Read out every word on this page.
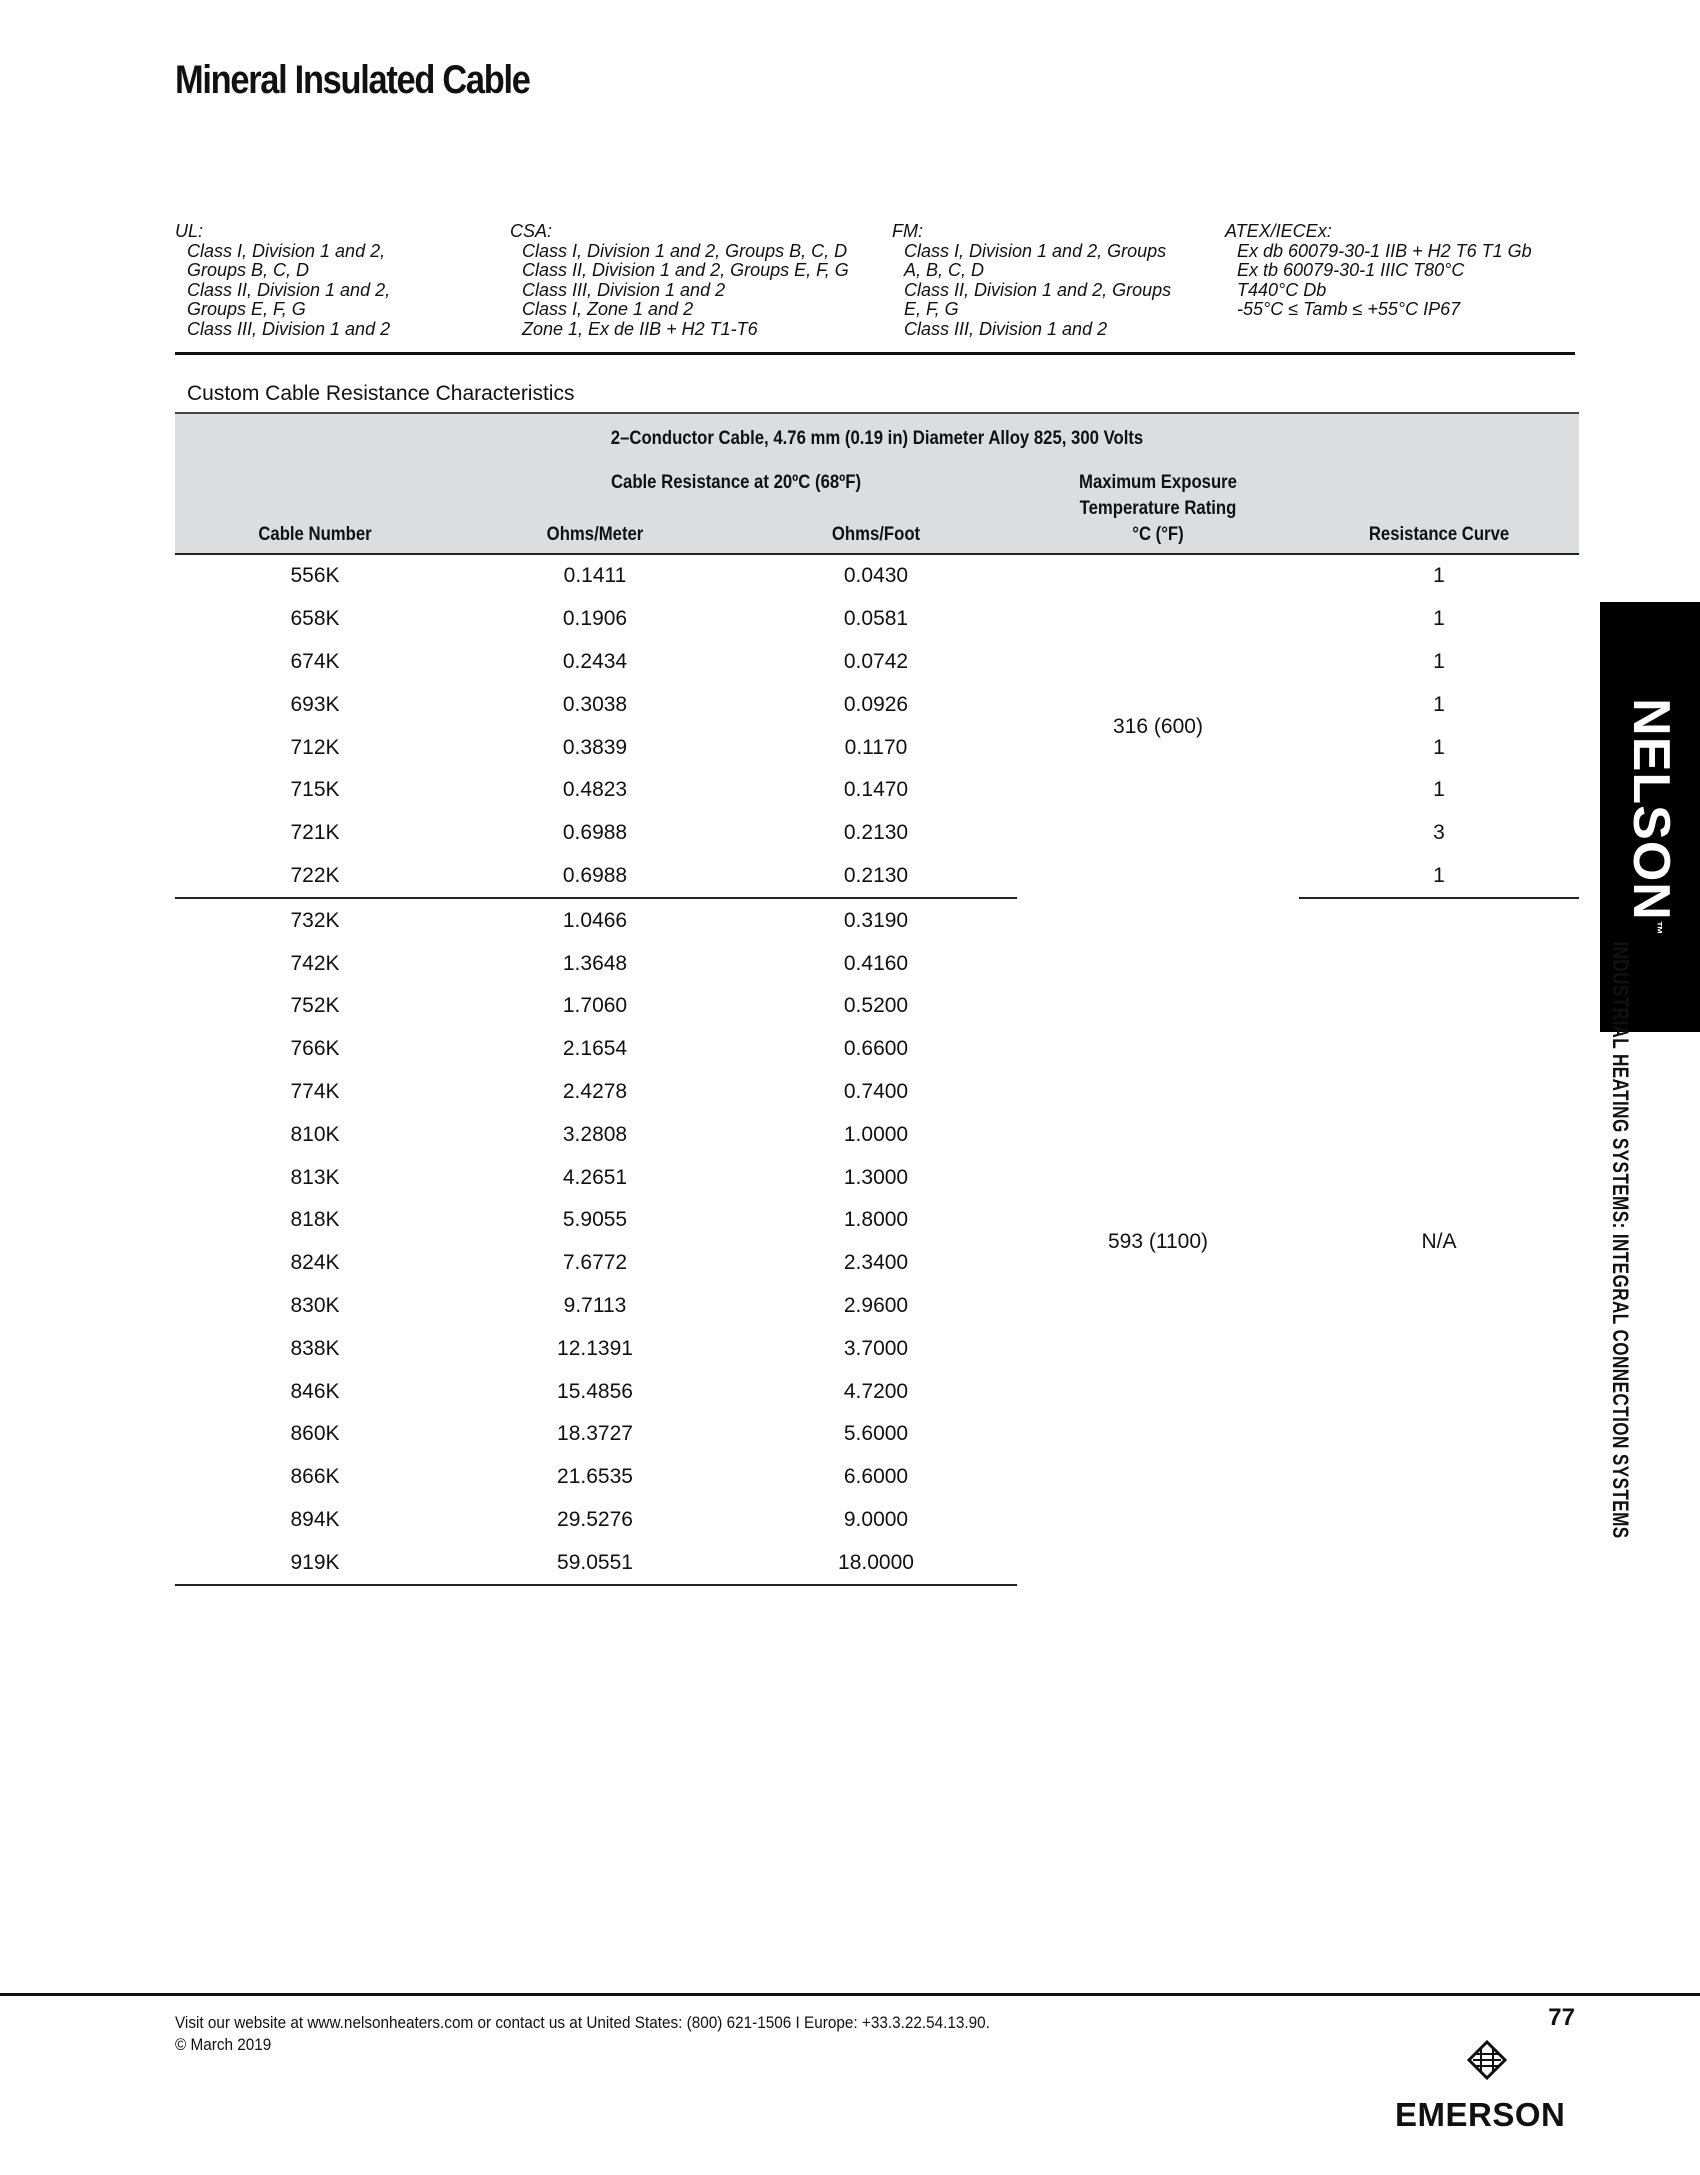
Mineral Insulated Cable
UL:
Class I, Division 1 and 2,
Groups B, C, D
Class II, Division 1 and 2,
Groups E, F, G
Class III, Division 1 and 2
CSA:
Class I, Division 1 and 2, Groups B, C, D
Class II, Division 1 and 2, Groups E, F, G
Class III, Division 1 and 2
Class I, Zone 1 and 2
Zone 1, Ex de IIB + H2 T1-T6
FM:
Class I, Division 1 and 2, Groups
A, B, C, D
Class II, Division 1 and 2, Groups
E, F, G
Class III, Division 1 and 2
ATEX/IECEx:
Ex db 60079-30-1 IIB + H2 T6 T1 Gb
Ex tb 60079-30-1 IIIC T80°C
T440°C Db
-55°C ≤ Tamb ≤ +55°C IP67
Custom Cable Resistance Characteristics
2–Conductor Cable, 4.76 mm (0.19 in) Diameter Alloy 825, 300 Volts
Cable Resistance at 20ºC (68ºF)
Cable Number	Ohms/Meter	Ohms/Foot
Maximum Exposure
Temperature Rating
°C (°F)	Resistance Curve
556K	0.1411	0.0430	316 (600)	1
658K	0.1906	0.0581		1
674K	0.2434	0.0742		1
693K	0.3038	0.0926		1
712K	0.3839	0.1170		1
715K	0.4823	0.1470		1
721K	0.6988	0.2130		3
722K	0.6988	0.2130		1
732K	1.0466	0.3190	593 (1100)	N/A
742K	1.3648	0.4160		
752K	1.7060	0.5200		
766K	2.1654	0.6600		
774K	2.4278	0.7400		
810K	3.2808	1.0000		
813K	4.2651	1.3000		
818K	5.9055	1.8000		
824K	7.6772	2.3400		
830K	9.7113	2.9600		
838K	12.1391	3.7000		
846K	15.4856	4.7200		
860K	18.3727	5.6000		
866K	21.6535	6.6000		
894K	29.5276	9.0000		
919K	59.0551	18.0000		
NELSON™
INDUSTRIAL HEATING SYSTEMS: INTEGRAL CONNECTION SYSTEMS
Visit our website at www.nelsonheaters.com or contact us at United States: (800) 621-1506 I Europe: +33.3.22.54.13.90.
© March 2019
77
EMERSON
